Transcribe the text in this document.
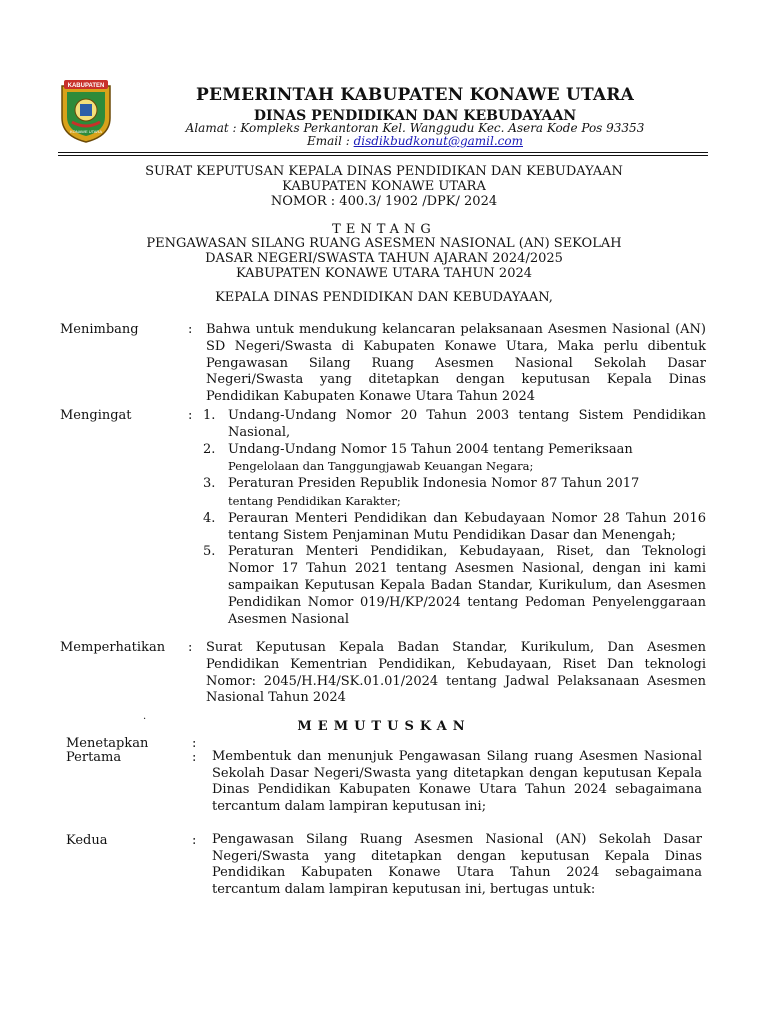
KABUPATEN
KONAWE UTARA
PEMERINTAH KABUPATEN KONAWE UTARA
DINAS PENDIDIKAN DAN KEBUDAYAAN
Alamat : Kompleks Perkantoran Kel. Wanggudu Kec. Asera Kode Pos 93353
Email : disdikbudkonut@gamil.com
SURAT KEPUTUSAN KEPALA DINAS PENDIDIKAN DAN KEBUDAYAAN
KABUPATEN KONAWE UTARA
NOMOR : 400.3/ 1902 /DPK/ 2024
TENTANG
PENGAWASAN SILANG RUANG ASESMEN NASIONAL (AN) SEKOLAH
DASAR NEGERI/SWASTA TAHUN AJARAN 2024/2025
KABUPATEN KONAWE UTARA TAHUN 2024
KEPALA DINAS PENDIDIKAN DAN KEBUDAYAAN,
Menimbang	: Bahwa untuk mendukung kelancaran pelaksanaan Asesmen Nasional (AN) SD Negeri/Swasta di Kabupaten Konawe Utara, Maka perlu dibentuk Pengawasan Silang Ruang Asesmen Nasional Sekolah Dasar Negeri/Swasta yang ditetapkan dengan keputusan Kepala Dinas Pendidikan Kabupaten Konawe Utara Tahun 2024
Mengingat	: 1. Undang-Undang Nomor 20 Tahun 2003 tentang Sistem Pendidikan Nasional,
2. Undang-Undang Nomor 15 Tahun 2004 tentang Pemeriksaan
Pengelolaan dan Tanggungjawab Keuangan Negara;
3. Peraturan Presiden Republik Indonesia Nomor 87 Tahun 2017
tentang Pendidikan Karakter;
4. Perauran Menteri Pendidikan dan Kebudayaan Nomor 28 Tahun 2016 tentang Sistem Penjaminan Mutu Pendidikan Dasar dan Menengah;
5. Peraturan Menteri Pendidikan, Kebudayaan, Riset, dan Teknologi Nomor 17 Tahun 2021 tentang Asesmen Nasional, dengan ini kami sampaikan Keputusan Kepala Badan Standar, Kurikulum, dan Asesmen Pendidikan Nomor 019/H/KP/2024 tentang Pedoman Penyelenggaraan Asesmen Nasional
Memperhatikan : Surat Keputusan Kepala Badan Standar, Kurikulum, Dan Asesmen Pendidikan Kementrian Pendidikan, Kebudayaan, Riset Dan teknologi Nomor: 2045/H.H4/SK.01.01/2024 tentang Jadwal Pelaksanaan Asesmen Nasional Tahun 2024
.
MEMUTUSKAN
Menetapkan	:
Pertama	: Membentuk dan menunjuk Pengawasan Silang ruang Asesmen Nasional Sekolah Dasar Negeri/Swasta yang ditetapkan dengan keputusan Kepala Dinas Pendidikan Kabupaten Konawe Utara Tahun 2024 sebagaimana tercantum dalam lampiran keputusan ini;
Kedua	: Pengawasan Silang Ruang Asesmen Nasional (AN) Sekolah Dasar Negeri/Swasta yang ditetapkan dengan keputusan Kepala Dinas Pendidikan Kabupaten Konawe Utara Tahun 2024 sebagaimana tercantum dalam lampiran keputusan ini, bertugas untuk:
